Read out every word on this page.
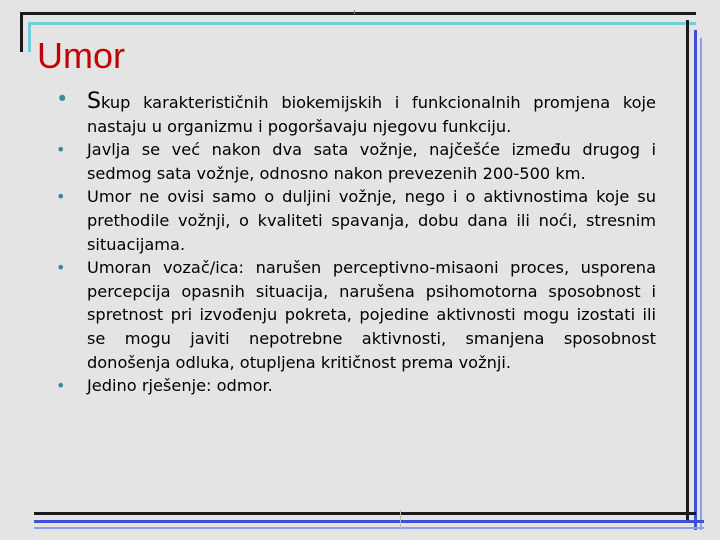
Umor
• Skup karakterističnih biokemijskih i funkcionalnih promjena koje nastaju u organizmu i pogoršavaju njegovu funkciju.
• Javlja se već nakon dva sata vožnje, najčešće između drugog i sedmog sata vožnje, odnosno nakon prevezenih 200-500 km.
• Umor ne ovisi samo o duljini vožnje, nego i o aktivnostima koje su prethodile vožnji, o kvaliteti spavanja, dobu dana ili noći, stresnim situacijama.
• Umoran vozač/ica: narušen perceptivno-misaoni proces, usporena percepcija opasnih situacija, narušena psihomotorna sposobnost i spretnost pri izvođenju pokreta, pojedine aktivnosti mogu izostati ili se mogu javiti nepotrebne aktivnosti, smanjena sposobnost donošenja odluka, otupljena kritičnost prema vožnji.
• Jedino rješenje: odmor.
